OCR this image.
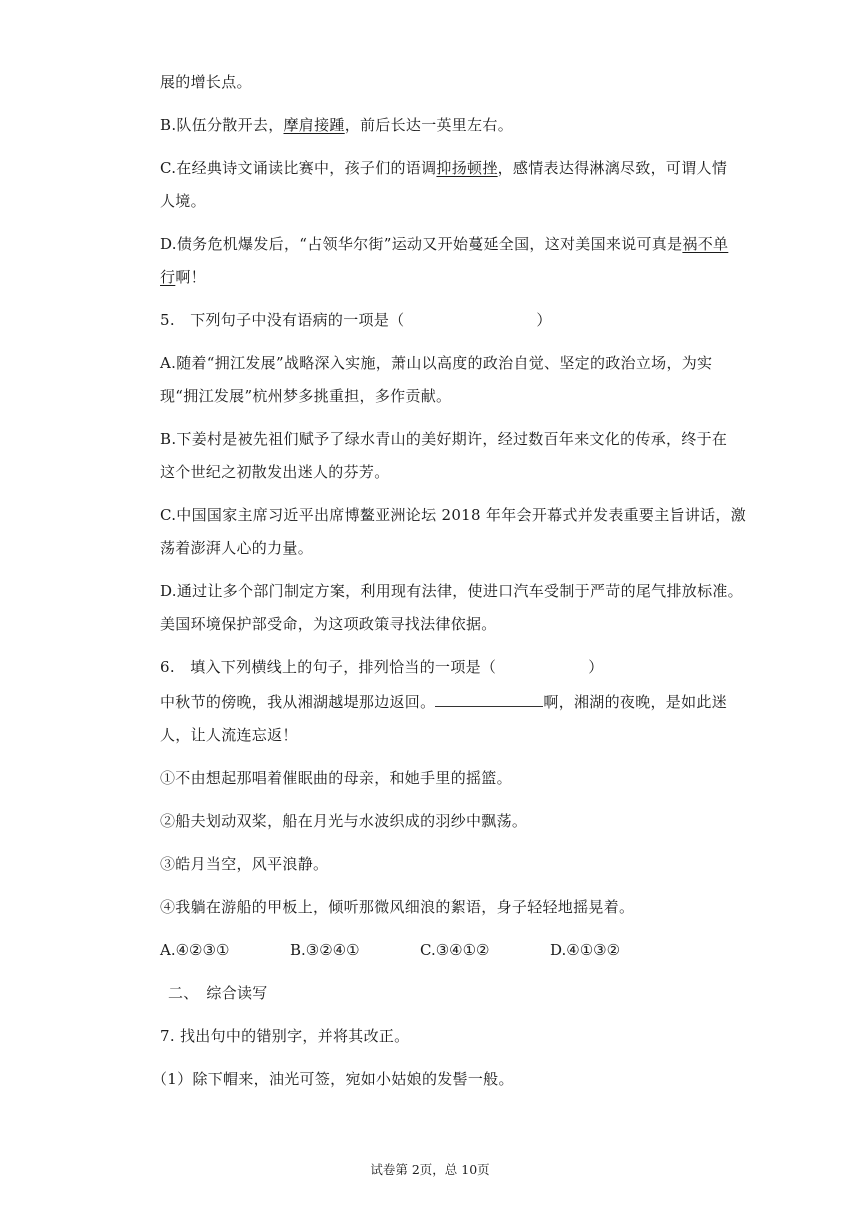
展的增长点。
B.队伍分散开去，摩肩接踵，前后长达一英里左右。
C.在经典诗文诵读比赛中，孩子们的语调抑扬顿挫，感情表达得淋漓尽致，可谓人情
人境。
D.债务危机爆发后，“占领华尔街”运动又开始蔓延全国，这对美国来说可真是祸不单
行啊！
5.　下列句子中没有语病的一项是（	）
A.随着“拥江发展”战略深入实施，萧山以高度的政治自觉、坚定的政治立场，为实
现“拥江发展”杭州梦多挑重担，多作贡献。
B.下姜村是被先祖们赋予了绿水青山的美好期许，经过数百年来文化的传承，终于在
这个世纪之初散发出迷人的芬芳。
C.中国国家主席习近平出席博鳌亚洲论坛 2018 年年会开幕式并发表重要主旨讲话，激
荡着澎湃人心的力量。
D.通过让多个部门制定方案，利用现有法律，使进口汽车受制于严苛的尾气排放标准。
美国环境保护部受命，为这项政策寻找法律依据。
6.　填入下列横线上的句子，排列恰当的一项是（	）
中秋节的傍晚，我从湘湖越堤那边返回。	啊，湘湖的夜晚，是如此迷
人，让人流连忘返！
①不由想起那唱着催眠曲的母亲，和她手里的摇篮。
②船夫划动双桨，船在月光与水波织成的羽纱中飘荡。
③皓月当空，风平浪静。
④我躺在游船的甲板上，倾听那微风细浪的絮语，身子轻轻地摇晃着。
A.④②③①	B.③②④①	C.③④①②	D.④①③②
二、　综合读写
7. 找出句中的错别字，并将其改正。
（1）除下帽来，油光可签，宛如小姑娘的发髻一般。
试卷第 2页，总 10页
